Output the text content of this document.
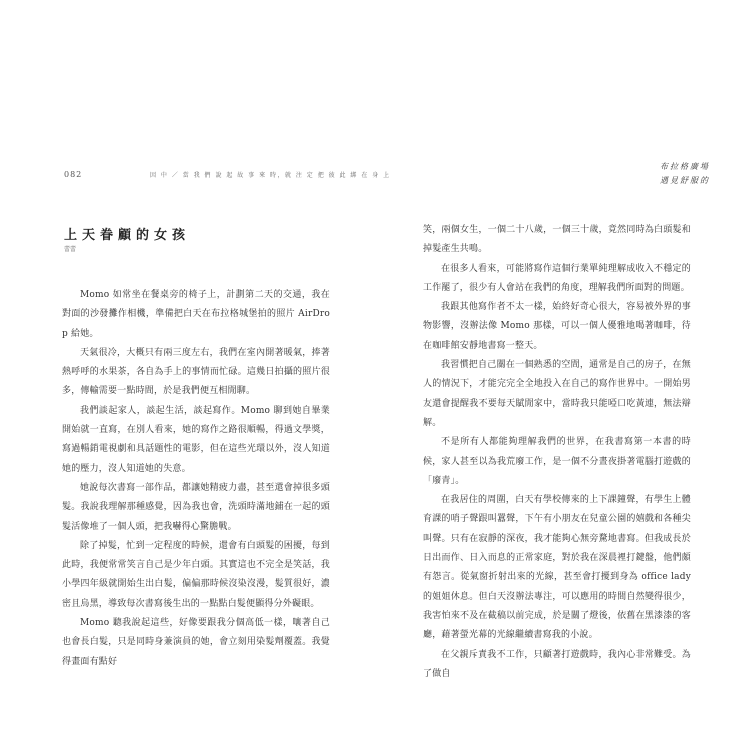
082	因 中 ／ 當 我 們 說 起 故 事 來 時，就 注 定 把 彼 此 綁 在 身 上
布拉格廣場
遇見舒服的
上天眷顧的女孩
蕾蕾

Momo 如常坐在餐桌旁的椅子上，計劃第二天的交通，我在對面的沙發攤作相機，準備把白天在布拉格城堡拍的照片 AirDrop 給她。

天氣很冷，大概只有兩三度左右，我們在室內開著暖氣，捧著熱呼呼的水果茶，各自為手上的事情而忙碌。這幾日拍攝的照片很多，傳輸需要一點時間，於是我們便互相閒聊。

我們談起家人，談起生活，談起寫作。Momo 聊到她自畢業開始就一直寫，在別人看來，她的寫作之路很順暢，得過文學獎，寫過暢銷電視劇和具話題性的電影，但在這些光環以外，沒人知道她的壓力，沒人知道她的失意。

她說每次書寫一部作品，都讓她精疲力盡，甚至還會掉很多頭髮。我說我理解那種感覺，因為我也會，洗頭時滿地鋪在一起的頭髮活像堆了一個人頭，把我嚇得心驚膽戰。

除了掉髮，忙到一定程度的時候，還會有白頭髮的困擾，每到此時，我便常常笑言自己是少年白頭。其實這也不完全是笑話，我小學四年級就開始生出白髮，偏偏那時候沒染沒漫，髮質很好，濃密且烏黑，導致每次書寫後生出的一點點白髮便顯得分外礙眼。

Momo 聽我說起這些，好像要跟我分個高低一樣，嚷著自己也會長白髮，只是同時身兼演員的她，會立刻用染髮劑覆蓋。我覺得畫面有點好

笑，兩個女生，一個二十八歲，一個三十歲，竟然同時為白頭髮和掉髮產生共鳴。

在很多人看來，可能將寫作這個行業單純理解成收入不穩定的工作罷了，很少有人會站在我們的角度，理解我們所面對的問題。

我跟其他寫作者不太一樣，始終好奇心很大，容易被外界的事物影響，沒辦法像 Momo 那樣，可以一個人優雅地喝著咖啡，待在咖啡館安靜地書寫一整天。

我習慣把自己關在一個熟悉的空間，通常是自己的房子，在無人的情況下，才能完完全全地投入在自己的寫作世界中。一開始男友還會提醒我不要每天賦閒家中，當時我只能啞口吃黃連，無法辯解。

不是所有人都能夠理解我們的世界，在我書寫第一本書的時候，家人甚至以為我荒廢工作，是一個不分晝夜掛著電腦打遊戲的「廢青」。

在我居住的周圍，白天有學校傳來的上下課鐘聲，有學生上體育課的哨子聲跟叫囂聲，下午有小朋友在兒童公園的嬉戲和各種尖叫聲。只有在寂靜的深夜，我才能夠心無旁騖地書寫。但我成長於日出而作、日入而息的正常家庭，對於我在深晨裡打鍵盤，他們頗有怨言。從氣窗折射出來的光線，甚至會打擾到身為 office lady 的姐姐休息。但白天沒辦法專注，可以應用的時間自然變得很少，我害怕來不及在截稿以前完成，於是關了燈後，依舊在黑漆漆的客廳，藉著螢光幕的光線繼續書寫我的小說。

在父親斥責我不工作，只顧著打遊戲時，我內心非常難受。為了做自
